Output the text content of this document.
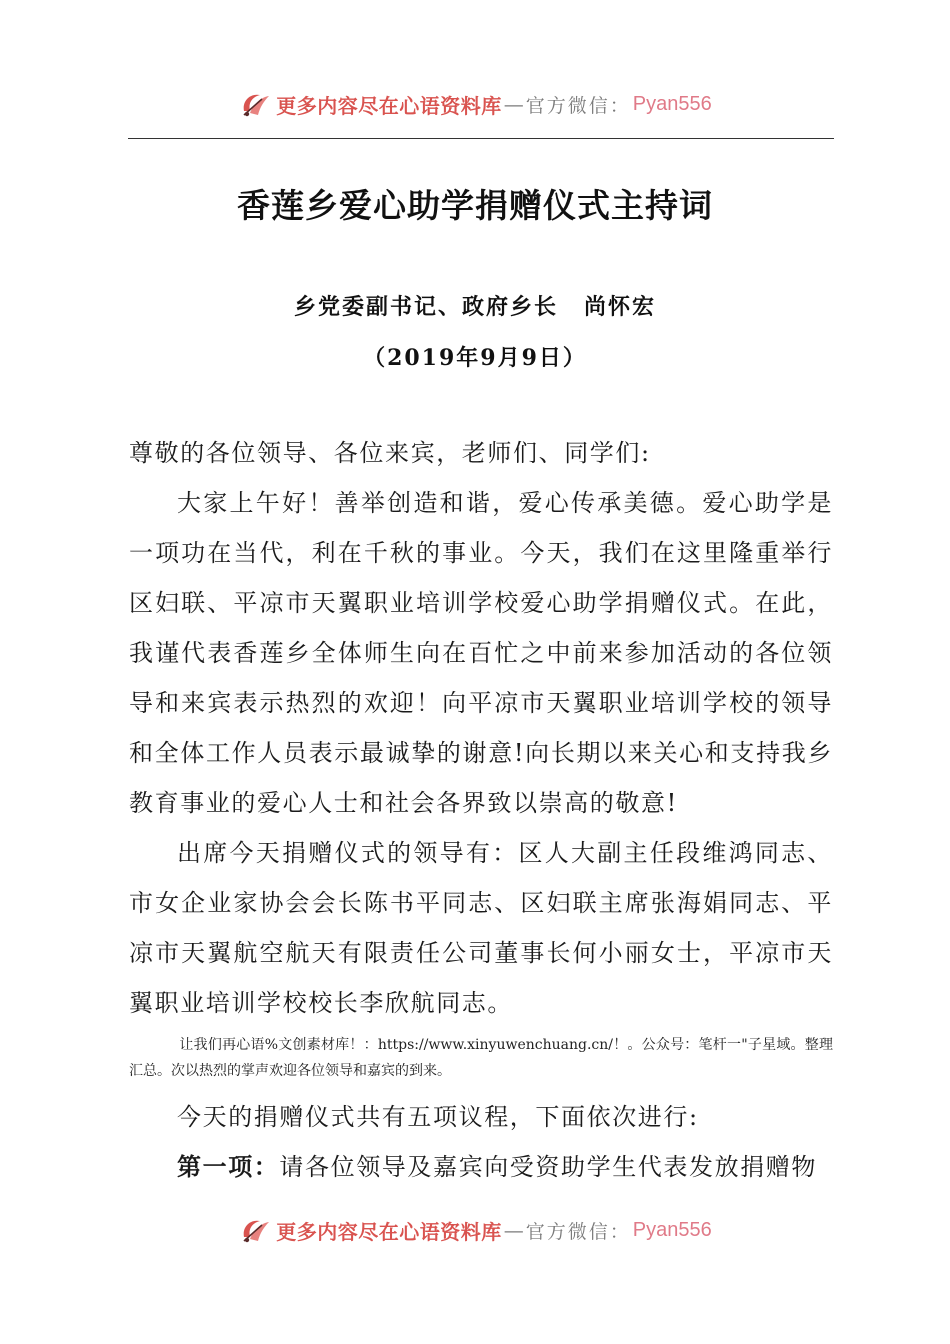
更多内容尽在心语资料库 — 官方微信： Pyan556
香莲乡爱心助学捐赠仪式主持词
乡党委副书记、政府乡长 尚怀宏
（2019年9月9日）

尊敬的各位领导、各位来宾，老师们、同学们:

大家上午好！善举创造和谐，爱心传承美德。爱心助学是一项功在当代，利在千秋的事业。今天，我们在这里隆重举行区妇联、平凉市天翼职业培训学校爱心助学捐赠仪式。在此，我谨代表香莲乡全体师生向在百忙之中前来参加活动的各位领导和来宾表示热烈的欢迎！向平凉市天翼职业培训学校的领导和全体工作人员表示最诚挚的谢意!向长期以来关心和支持我乡教育事业的爱心人士和社会各界致以崇高的敬意!

出席今天捐赠仪式的领导有：区人大副主任段维鸿同志、市女企业家协会会长陈书平同志、区妇联主席张海娟同志、平凉市天翼航空航天有限责任公司董事长何小丽女士，平凉市天翼职业培训学校校长李欣航同志。

让我们再心语%文创素材库！：https://www.xinyuwenchuang.cn/！。公众号：笔杆一"子星域。整理汇总。次以热烈的掌声欢迎各位领导和嘉宾的到来。

今天的捐赠仪式共有五项议程，下面依次进行:

第一项：请各位领导及嘉宾向受资助学生代表发放捐赠物

更多内容尽在心语资料库 — 官方微信： Pyan556
